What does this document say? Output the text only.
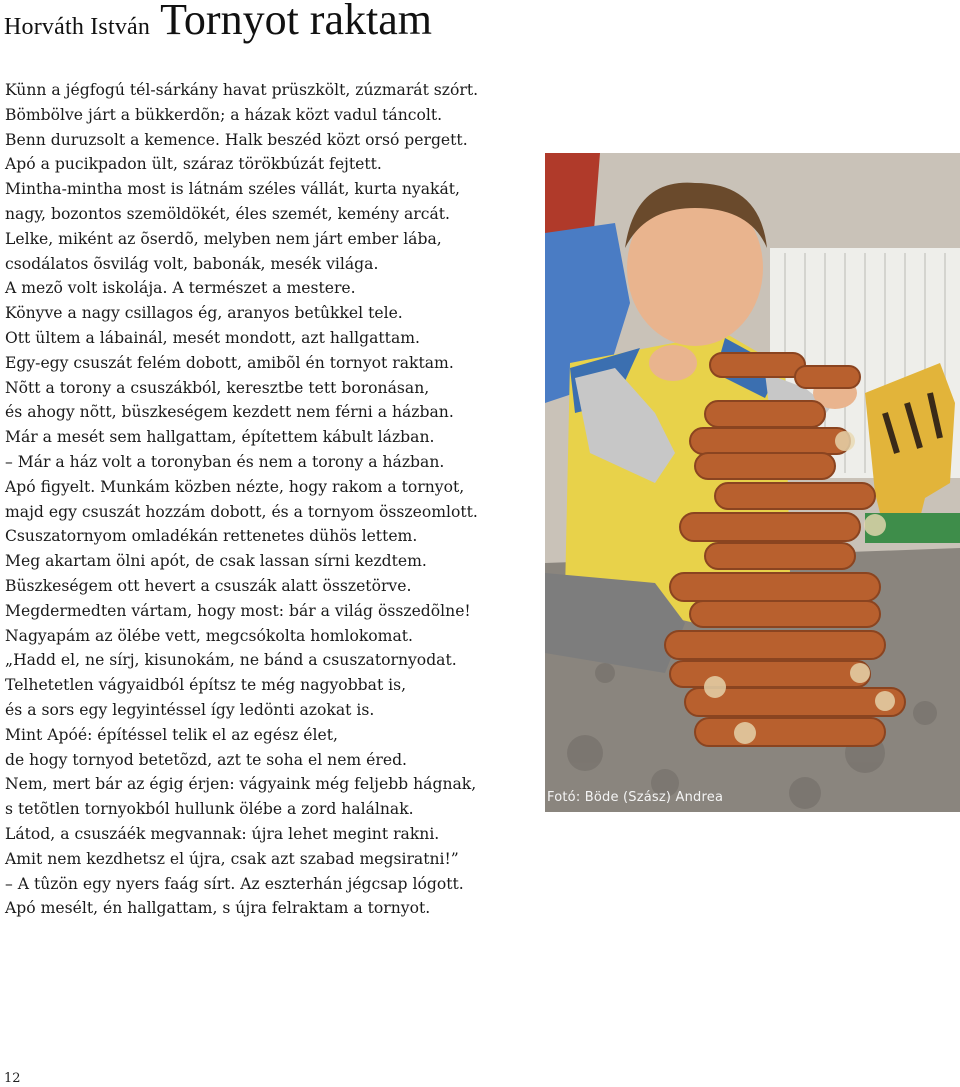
Horváth István Tornyot raktam
Künn a jégfogú tél-sárkány havat prüszkölt, zúzmarát szórt.
Bömbölve járt a bükkerdõn; a házak közt vadul táncolt.
Benn duruzsolt a kemence. Halk beszéd közt orsó pergett.
Apó a pucikpadon ült, száraz törökbúzát fejtett.
Mintha-mintha most is látnám széles vállát, kurta nyakát,
nagy, bozontos szemöldökét, éles szemét, kemény arcát.
Lelke, miként az õserdõ, melyben nem járt ember lába,
csodálatos õsvilág volt, babonák, mesék világa.
A mezõ volt iskolája. A természet a mestere.
Könyve a nagy csillagos ég, aranyos betûkkel tele.
Ott ültem a lábainál, mesét mondott, azt hallgattam.
Egy-egy csuszát felém dobott, amibõl én tornyot raktam.
Nõtt a torony a csuszákból, keresztbe tett boronásan,
és ahogy nõtt, büszkeségem kezdett nem férni a házban.
Már a mesét sem hallgattam, építettem kábult lázban.
– Már a ház volt a toronyban és nem a torony a házban.
Apó figyelt. Munkám közben nézte, hogy rakom a tornyot,
majd egy csuszát hozzám dobott, és a tornyom összeomlott.
Csuszatornyom omladékán rettenetes dühös lettem.
Meg akartam ölni apót, de csak lassan sírni kezdtem.
Büszkeségem ott hevert a csuszák alatt összetörve.
Megdermedten vártam, hogy most: bár a világ összedõlne!
Nagyapám az ölébe vett, megcsókolta homlokomat.
„Hadd el, ne sírj, kisunokám, ne bánd a csuszatornyodat.
Telhetetlen vágyaidból építsz te még nagyobbat is,
és a sors egy legyintéssel így ledönti azokat is.
Mint Apóé: építéssel telik el az egész élet,
de hogy tornyod betetõzd, azt te soha el nem éred.
Nem, mert bár az égig érjen: vágyaink még feljebb hágnak,
s tetõtlen tornyokból hullunk ölébe a zord halálnak.
Látod, a csuszáék megvannak: újra lehet megint rakni.
Amit nem kezdhetsz el újra, csak azt szabad megsiratni!”
– A tûzön egy nyers faág sírt. Az eszterhán jégcsap lógott.
Apó mesélt, én hallgattam, s újra felraktam a tornyot.
Fotó: Böde (Szász) Andrea
12
